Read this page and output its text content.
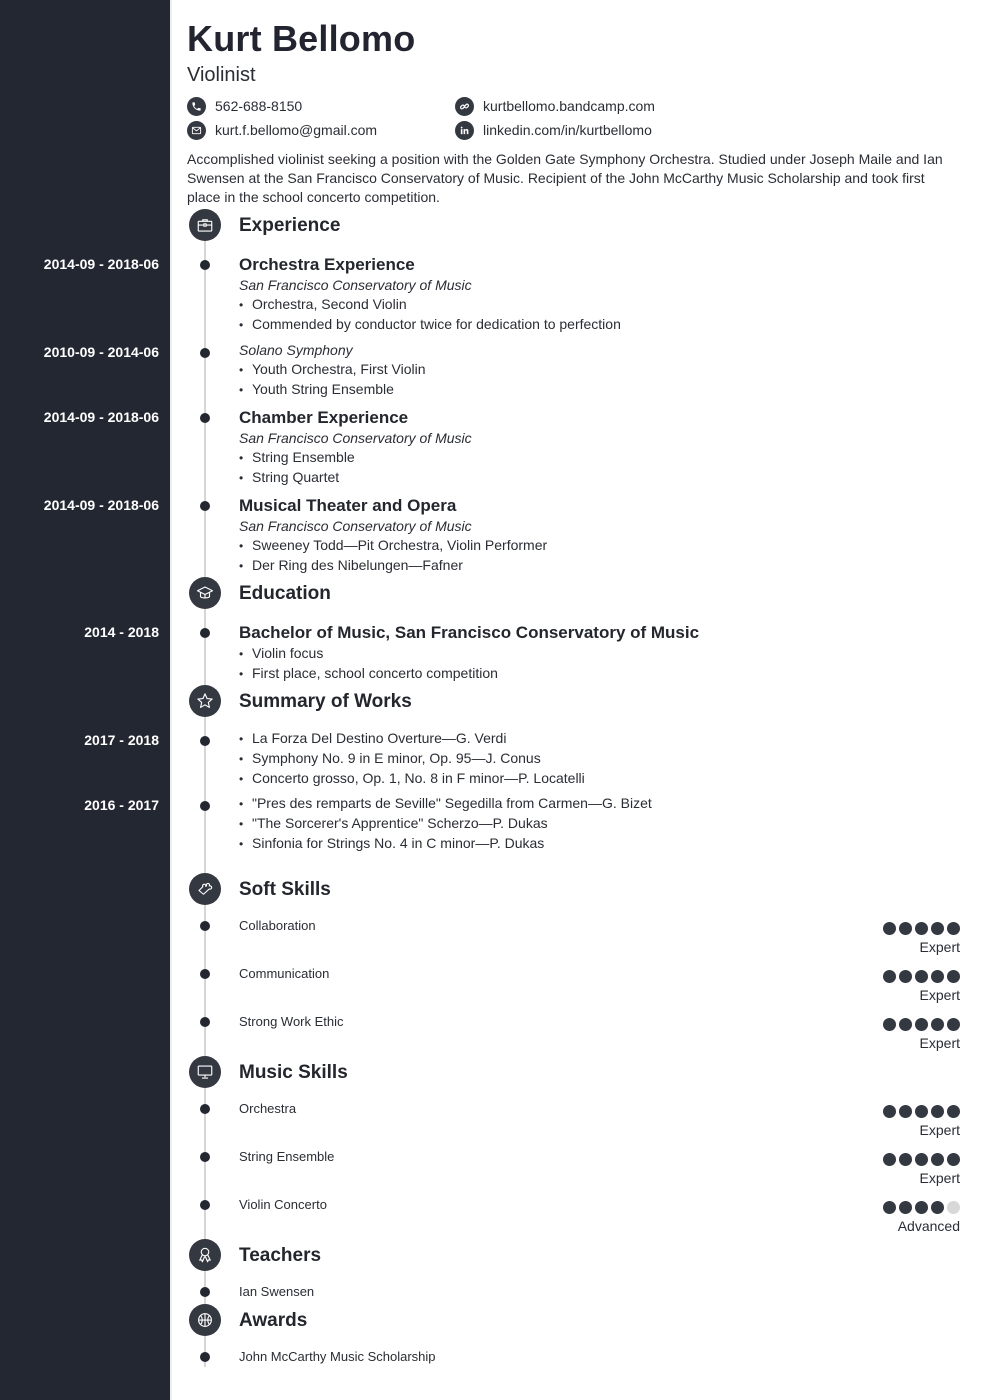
Kurt Bellomo
Violinist
562-688-8150
kurt.f.bellomo@gmail.com
kurtbellomo.bandcamp.com
linkedin.com/in/kurtbellomo
Accomplished violinist seeking a position with the Golden Gate Symphony Orchestra. Studied under Joseph Maile and Ian Swensen at the San Francisco Conservatory of Music. Recipient of the John McCarthy Music Scholarship and took first place in the school concerto competition.
Experience
2014-09 - 2018-06	Orchestra Experience
San Francisco Conservatory of Music
• Orchestra, Second Violin
• Commended by conductor twice for dedication to perfection
2010-09 - 2014-06	Solano Symphony
• Youth Orchestra, First Violin
• Youth String Ensemble
2014-09 - 2018-06	Chamber Experience
San Francisco Conservatory of Music
• String Ensemble
• String Quartet
2014-09 - 2018-06	Musical Theater and Opera
San Francisco Conservatory of Music
• Sweeney Todd—Pit Orchestra, Violin Performer
• Der Ring des Nibelungen—Fafner
Education
2014 - 2018	Bachelor of Music, San Francisco Conservatory of Music
• Violin focus
• First place, school concerto competition
Summary of Works
2017 - 2018	• La Forza Del Destino Overture—G. Verdi
• Symphony No. 9 in E minor, Op. 95—J. Conus
• Concerto grosso, Op. 1, No. 8 in F minor—P. Locatelli
2016 - 2017	• "Pres des remparts de Seville" Segedilla from Carmen—G. Bizet
• "The Sorcerer's Apprentice" Scherzo—P. Dukas
• Sinfonia for Strings No. 4 in C minor—P. Dukas
Soft Skills
Collaboration
Expert
Communication
Expert
Strong Work Ethic
Expert
Music Skills
Orchestra
Expert
String Ensemble
Expert
Violin Concerto
Advanced
Teachers
Ian Swensen
Awards
John McCarthy Music Scholarship
